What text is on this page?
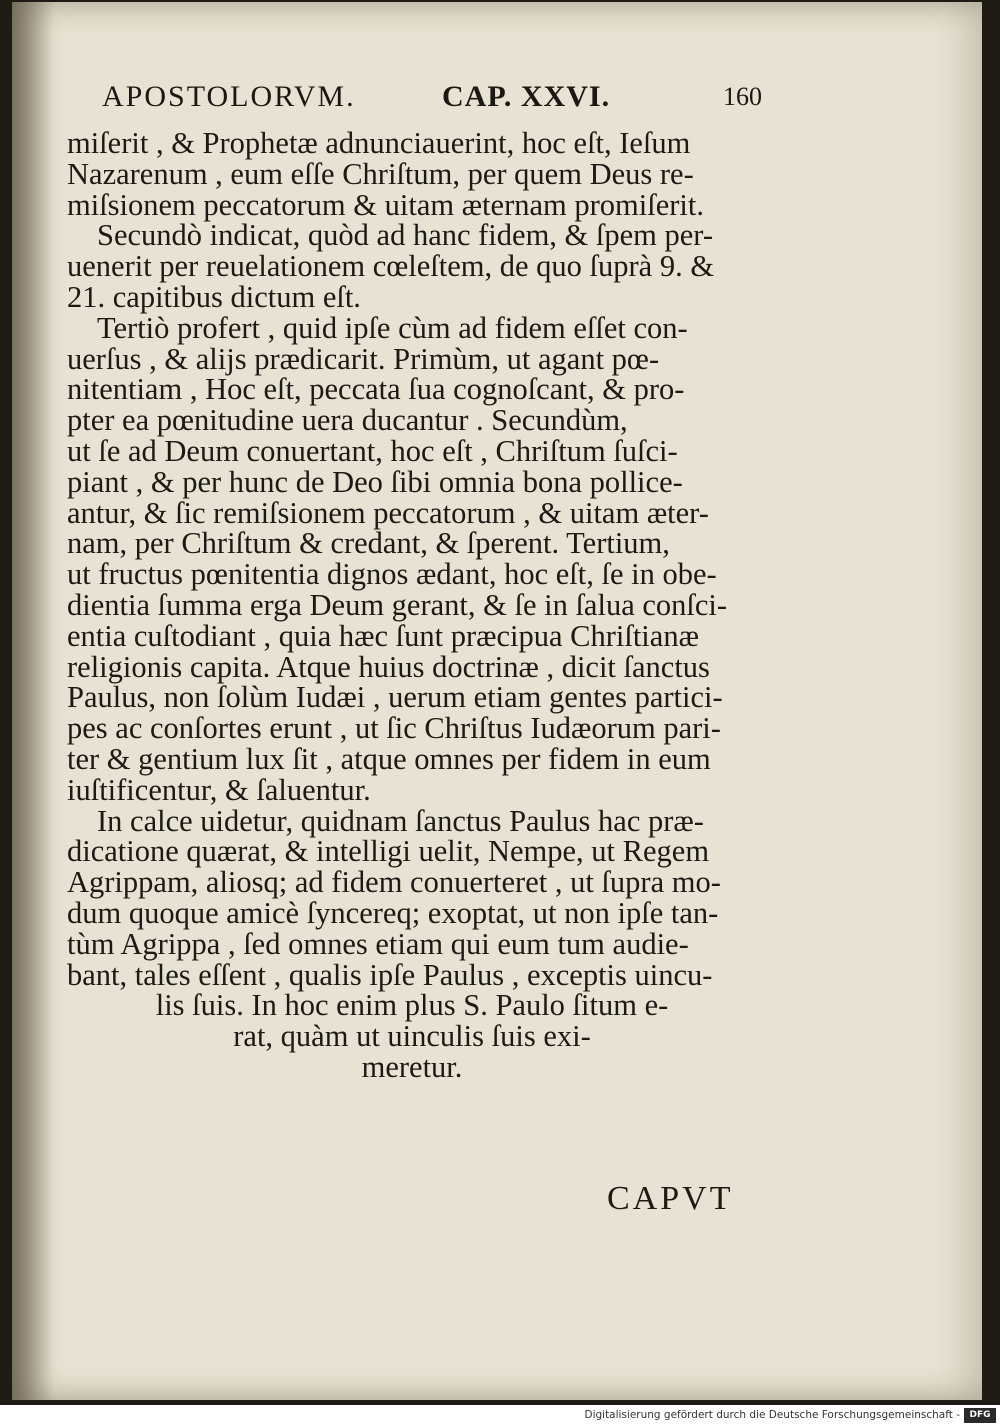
APOSTOLORVM.	CAP. XXVI.	160
miſerit , & Prophetæ adnunciauerint, hoc eſt, Ieſum
Nazarenum , eum eſſe Chriſtum, per quem Deus re-
miſsionem peccatorum & uitam æternam promiſerit.
Secundò indicat, quòd ad hanc fidem, & ſpem per-
uenerit per reuelationem cœleſtem, de quo ſuprà 9. &
21. capitibus dictum eſt.
Tertiò profert , quid ipſe cùm ad fidem eſſet con-
uerſus , & alijs prædicarit. Primùm, ut agant pœ-
nitentiam , Hoc eſt, peccata ſua cognoſcant, & pro-
pter ea pœnitudine uera ducantur . Secundùm,
ut ſe ad Deum conuertant, hoc eſt , Chriſtum ſuſci-
piant , & per hunc de Deo ſibi omnia bona pollice-
antur, & ſic remiſsionem peccatorum , & uitam æter-
nam, per Chriſtum & credant, & ſperent. Tertium,
ut fructus pœnitentia dignos ædant, hoc eſt, ſe in obe-
dientia ſumma erga Deum gerant, & ſe in ſalua conſci-
entia cuſtodiant , quia hæc ſunt præcipua Chriſtianæ
religionis capita. Atque huius doctrinæ , dicit ſanctus
Paulus, non ſolùm Iudæi , uerum etiam gentes partici-
pes ac conſortes erunt , ut ſic Chriſtus Iudæorum pari-
ter & gentium lux ſit , atque omnes per fidem in eum
iuſtificentur, & ſaluentur.
In calce uidetur, quidnam ſanctus Paulus hac præ-
dicatione quærat, & intelligi uelit, Nempe, ut Regem
Agrippam, aliosq; ad fidem conuerteret , ut ſupra mo-
dum quoque amicè ſyncereq; exoptat, ut non ipſe tan-
tùm Agrippa , ſed omnes etiam qui eum tum audie-
bant, tales eſſent , qualis ipſe Paulus , exceptis uincu-
lis ſuis. In hoc enim plus S. Paulo ſitum e-
rat, quàm ut uinculis ſuis exi-
meretur.
CAPVT
Digitalisierung gefördert durch die Deutsche Forschungsgemeinschaft -	DFG
